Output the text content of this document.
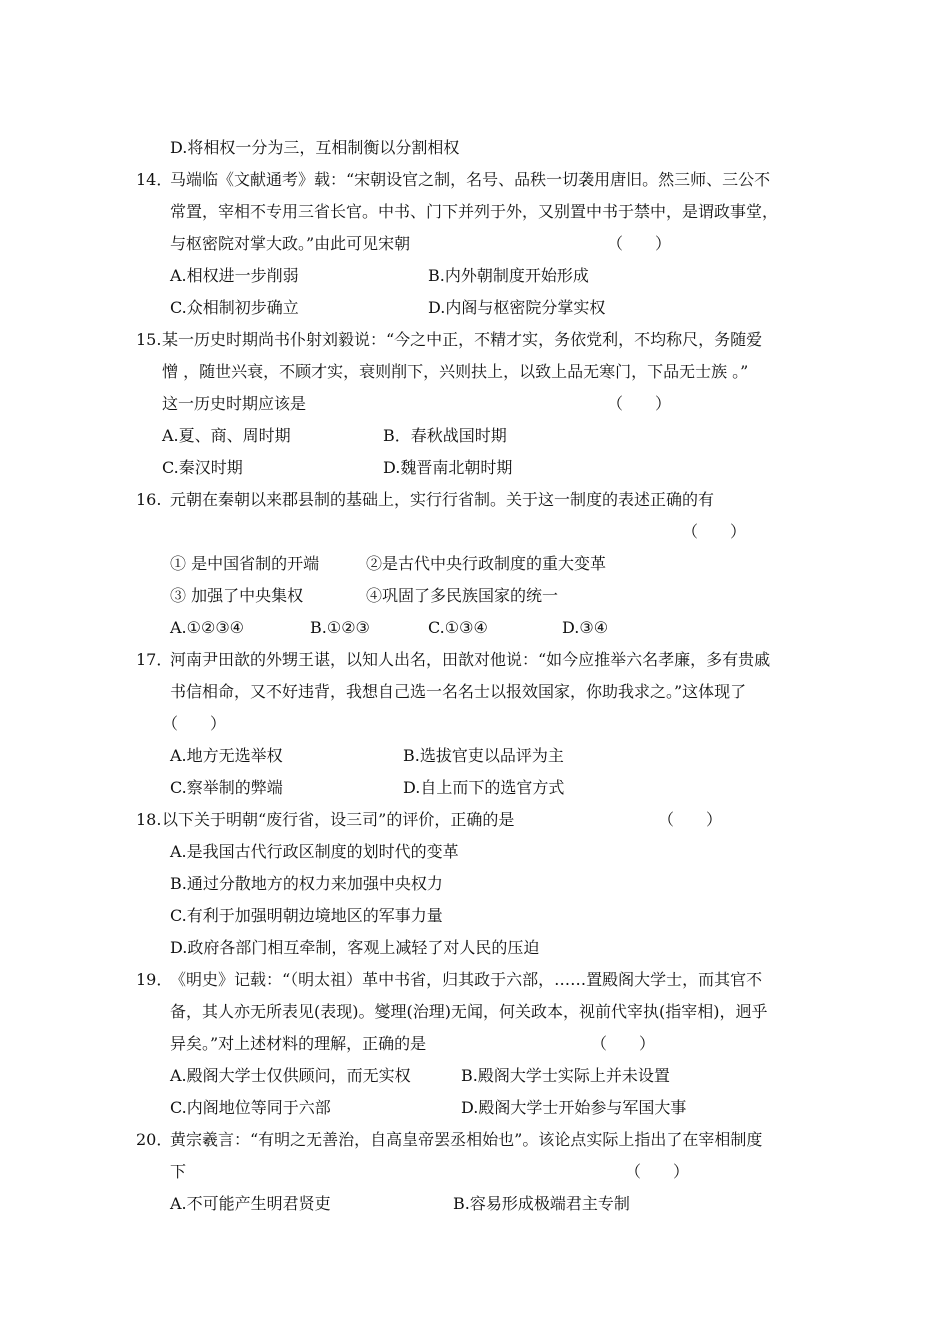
D.将相权一分为三，互相制衡以分割相权
14．
马端临《文献通考》载：“宋朝设官之制，名号、品秩一切袭用唐旧。然三师、三公不
常置，宰相不专用三省长官。中书、门下并列于外，又别置中书于禁中，是谓政事堂，
与枢密院对掌大政。”由此可见宋朝	（　　）
A.相权进一步削弱	B.内外朝制度开始形成
C.众相制初步确立	D.内阁与枢密院分掌实权
15. 某一历史时期尚书仆射刘毅说：“今之中正，不精才实，务依党利，不均称尺，务随爱
憎 ，随世兴衰，不顾才实，衰则削下，兴则扶上，以致上品无寒门，下品无士族 。”
这一历史时期应该是	（　　）
A.夏、商、周时期	B．春秋战国时期
C.秦汉时期	D.魏晋南北朝时期
16. 元朝在秦朝以来郡县制的基础上，实行行省制。关于这一制度的表述正确的有
（　　）
① 是中国省制的开端	②是古代中央行政制度的重大变革
③ 加强了中央集权	④巩固了多民族国家的统一
A.①②③④	B.①②③	C.①③④	D.③④
17．
河南尹田歆的外甥王谌，以知人出名，田歆对他说：“如今应推举六名孝廉，多有贵戚
书信相命，又不好违背，我想自己选一名名士以报效国家，你助我求之。”这体现了
（　　）
A.地方无选举权	B.选拔官吏以品评为主
C.察举制的弊端	D.自上而下的选官方式
18. 以下关于明朝“废行省，设三司”的评价，正确的是	（　　）
A.是我国古代行政区制度的划时代的变革
B.通过分散地方的权力来加强中央权力
C.有利于加强明朝边境地区的军事力量
D.政府各部门相互牵制，客观上减轻了对人民的压迫
19．
《明史》记载：“（明太祖）革中书省，归其政于六部，……置殿阁大学士，而其官不
备，其人亦无所表见(表现)。燮理(治理)无闻，何关政本，视前代宰执(指宰相)，迥乎
异矣。”对上述材料的理解，正确的是	（　　）
A.殿阁大学士仅供顾问，而无实权	B.殿阁大学士实际上并未设置
C.内阁地位等同于六部	D.殿阁大学士开始参与军国大事
20．
黄宗羲言：“有明之无善治，自高皇帝罢丞相始也”。该论点实际上指出了在宰相制度
下	（　　）
A.不可能产生明君贤吏	B.容易形成极端君主专制
